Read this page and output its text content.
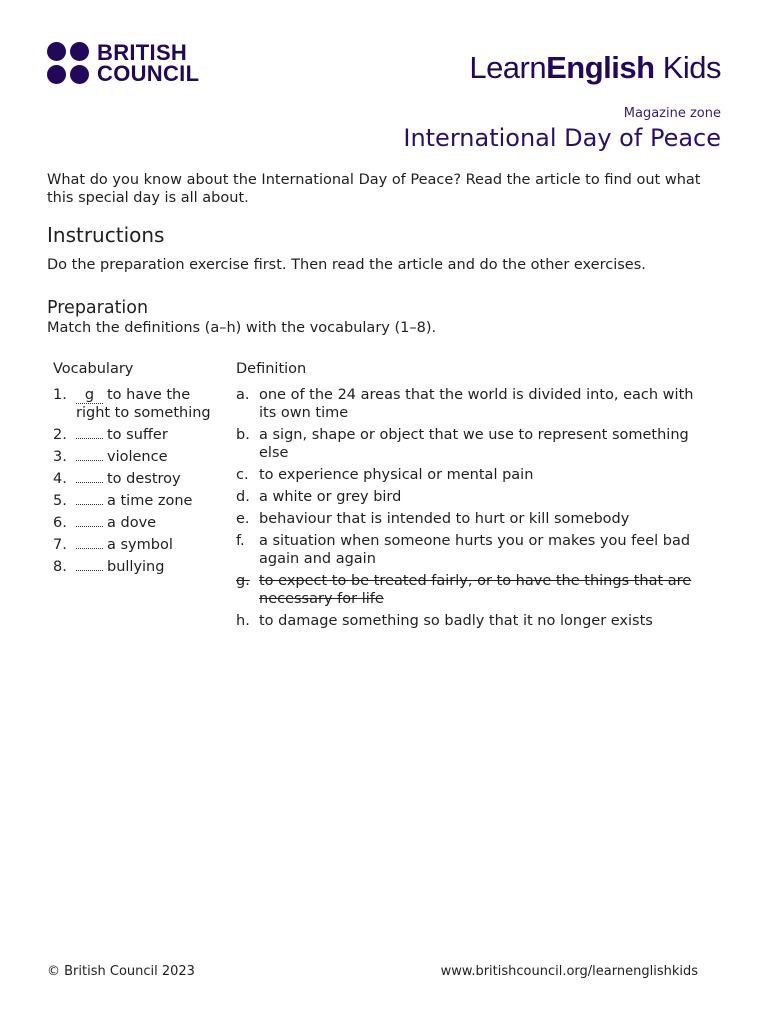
BRITISH
COUNCIL	LearnEnglish Kids
Magazine zone
International Day of Peace
What do you know about the International Day of Peace? Read the article to find out what this special day is all about.
Instructions
Do the preparation exercise first. Then read the article and do the other exercises.
Preparation
Match the definitions (a–h) with the vocabulary (1–8).
Vocabulary	Definition
1.	g to have the right to something
2.	to suffer
3.	violence
4.	to destroy
5.	a time zone
6.	a dove
7.	a symbol
8.	bullying
a. one of the 24 areas that the world is divided into, each with its own time
b. a sign, shape or object that we use to represent something else
c. to experience physical or mental pain
d. a white or grey bird
e. behaviour that is intended to hurt or kill somebody
f. a situation when someone hurts you or makes you feel bad again and again
g. to expect to be treated fairly, or to have the things that are necessary for life
h. to damage something so badly that it no longer exists
© British Council 2023	www.britishcouncil.org/learnenglishkids
